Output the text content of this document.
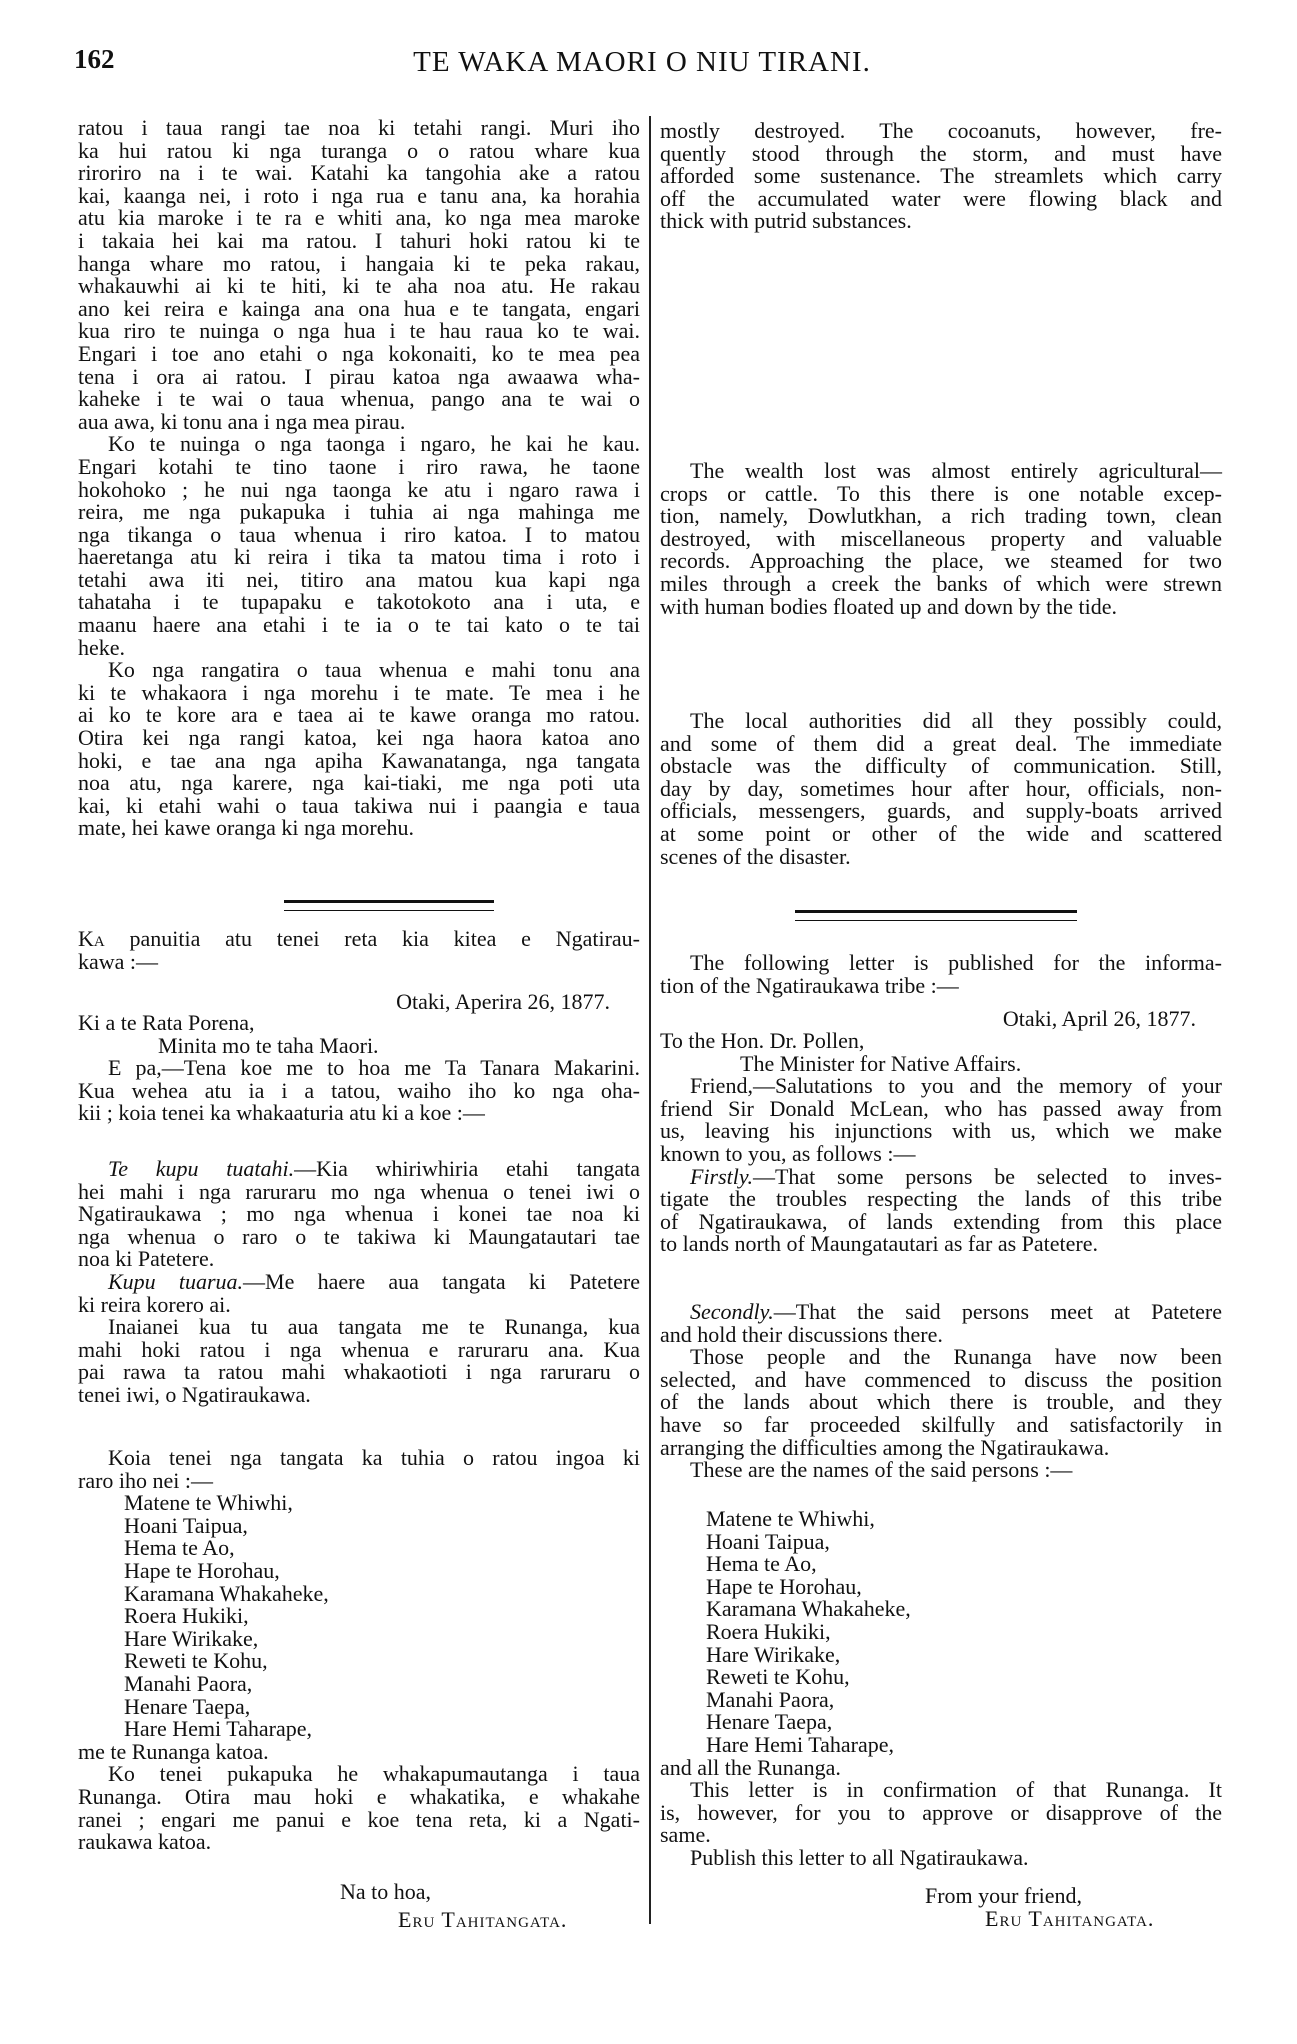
162	TE WAKA MAORI O NIU TIRANI.
ratou i taua rangi tae noa ki tetahi rangi. Muri iho
ka hui ratou ki nga turanga o o ratou whare kua
riroriro na i te wai. Katahi ka tangohia ake a ratou
kai, kaanga nei, i roto i nga rua e tanu ana, ka horahia
atu kia maroke i te ra e whiti ana, ko nga mea maroke
i takaia hei kai ma ratou. I tahuri hoki ratou ki te
hanga whare mo ratou, i hangaia ki te peka rakau,
whakauwhi ai ki te hiti, ki te aha noa atu. He rakau
ano kei reira e kainga ana ona hua e te tangata, engari
kua riro te nuinga o nga hua i te hau raua ko te wai.
Engari i toe ano etahi o nga kokonaiti, ko te mea pea
tena i ora ai ratou. I pirau katoa nga awaawa wha-
kaheke i te wai o taua whenua, pango ana te wai o
aua awa, ki tonu ana i nga mea pirau.
Ko te nuinga o nga taonga i ngaro, he kai he kau.
Engari kotahi te tino taone i riro rawa, he taone
hokohoko ; he nui nga taonga ke atu i ngaro rawa i
reira, me nga pukapuka i tuhia ai nga mahinga me
nga tikanga o taua whenua i riro katoa. I to matou
haeretanga atu ki reira i tika ta matou tima i roto i
tetahi awa iti nei, titiro ana matou kua kapi nga
tahataha i te tupapaku e takotokoto ana i uta, e
maanu haere ana etahi i te ia o te tai kato o te tai
heke.
Ko nga rangatira o taua whenua e mahi tonu ana
ki te whakaora i nga morehu i te mate. Te mea i he
ai ko te kore ara e taea ai te kawe oranga mo ratou.
Otira kei nga rangi katoa, kei nga haora katoa ano
hoki, e tae ana nga apiha Kawanatanga, nga tangata
noa atu, nga karere, nga kai-tiaki, me nga poti uta
kai, ki etahi wahi o taua takiwa nui i paangia e taua
mate, hei kawe oranga ki nga morehu.
Ka panuitia atu tenei reta kia kitea e Ngatirau-
kawa :—
Otaki, Aperira 26, 1877.
Ki a te Rata Porena,
Minita mo te taha Maori.
E pa,—Tena koe me to hoa me Ta Tanara Makarini.
Kua wehea atu ia i a tatou, waiho iho ko nga oha-
kii ; koia tenei ka whakaaturia atu ki a koe :—
Te kupu tuatahi.—Kia whiriwhiria etahi tangata
hei mahi i nga raruraru mo nga whenua o tenei iwi o
Ngatiraukawa ; mo nga whenua i konei tae noa ki
nga whenua o raro o te takiwa ki Maungatautari tae
noa ki Patetere.
Kupu tuarua.—Me haere aua tangata ki Patetere
ki reira korero ai.
Inaianei kua tu aua tangata me te Runanga, kua
mahi hoki ratou i nga whenua e raruraru ana. Kua
pai rawa ta ratou mahi whakaotioti i nga raruraru o
tenei iwi, o Ngatiraukawa.
Koia tenei nga tangata ka tuhia o ratou ingoa ki
raro iho nei :—
Matene te Whiwhi,
Hoani Taipua,
Hema te Ao,
Hape te Horohau,
Karamana Whakaheke,
Roera Hukiki,
Hare Wirikake,
Reweti te Kohu,
Manahi Paora,
Henare Taepa,
Hare Hemi Taharape,
me te Runanga katoa.
Ko tenei pukapuka he whakapumautanga i taua
Runanga. Otira mau hoki e whakatika, e whakahe
ranei ; engari me panui e koe tena reta, ki a Ngati-
raukawa katoa.
Na to hoa,
Eru Tahitangata.
mostly destroyed. The cocoanuts, however, fre-
quently stood through the storm, and must have
afforded some sustenance. The streamlets which carry
off the accumulated water were flowing black and
thick with putrid substances.
The wealth lost was almost entirely agricultural—
crops or cattle. To this there is one notable excep-
tion, namely, Dowlutkhan, a rich trading town, clean
destroyed, with miscellaneous property and valuable
records. Approaching the place, we steamed for two
miles through a creek the banks of which were strewn
with human bodies floated up and down by the tide.
The local authorities did all they possibly could,
and some of them did a great deal. The immediate
obstacle was the difficulty of communication. Still,
day by day, sometimes hour after hour, officials, non-
officials, messengers, guards, and supply-boats arrived
at some point or other of the wide and scattered
scenes of the disaster.
The following letter is published for the informa-
tion of the Ngatiraukawa tribe :—
Otaki, April 26, 1877.
To the Hon. Dr. Pollen,
The Minister for Native Affairs.
Friend,—Salutations to you and the memory of your
friend Sir Donald McLean, who has passed away from
us, leaving his injunctions with us, which we make
known to you, as follows :—
Firstly.—That some persons be selected to inves-
tigate the troubles respecting the lands of this tribe
of Ngatiraukawa, of lands extending from this place
to lands north of Maungatautari as far as Patetere.
Secondly.—That the said persons meet at Patetere
and hold their discussions there.
Those people and the Runanga have now been
selected, and have commenced to discuss the position
of the lands about which there is trouble, and they
have so far proceeded skilfully and satisfactorily in
arranging the difficulties among the Ngatiraukawa.
These are the names of the said persons :—
Matene te Whiwhi,
Hoani Taipua,
Hema te Ao,
Hape te Horohau,
Karamana Whakaheke,
Roera Hukiki,
Hare Wirikake,
Reweti te Kohu,
Manahi Paora,
Henare Taepa,
Hare Hemi Taharape,
and all the Runanga.
This letter is in confirmation of that Runanga. It
is, however, for you to approve or disapprove of the
same.
Publish this letter to all Ngatiraukawa.
From your friend,
Eru Tahitangata.
